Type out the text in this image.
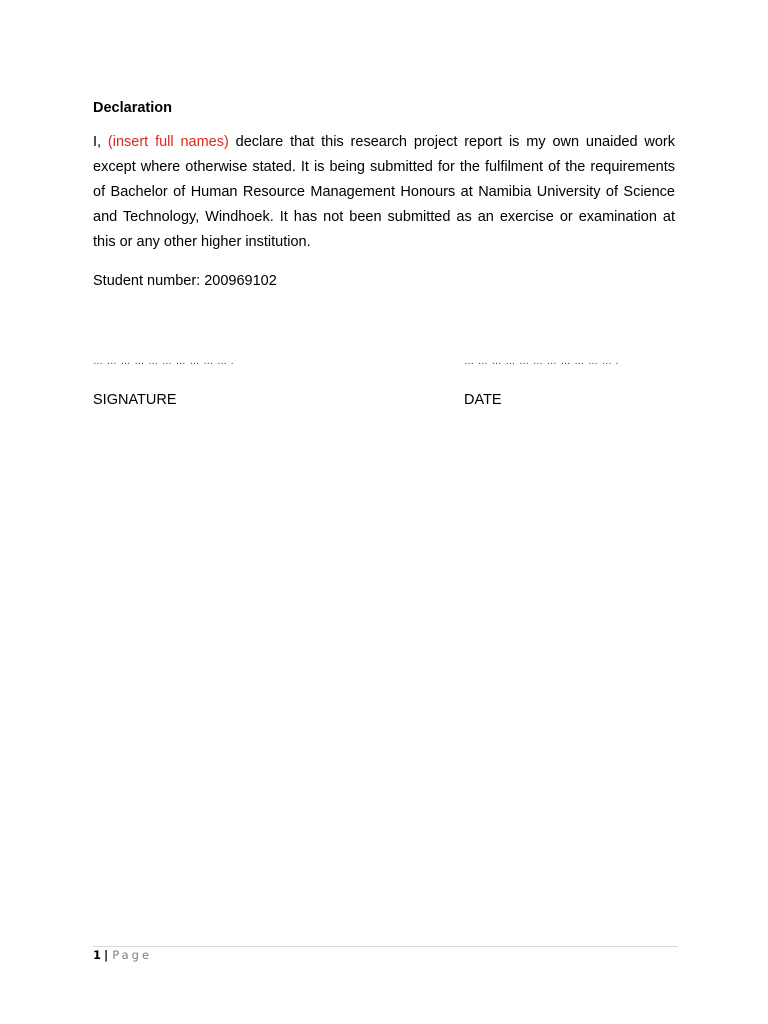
Declaration

I, (insert full names) declare that this research project report is my own unaided work except where otherwise stated. It is being submitted for the fulfilment of the requirements of Bachelor of Human Resource Management Honours at Namibia University of Science and Technology, Windhoek. It has not been submitted as an exercise or examination at this or any other higher institution.

Student number: 200969102

… … … … … … … … … … .	… … … … … … … … … … … .

SIGNATURE	DATE

1 | Page
